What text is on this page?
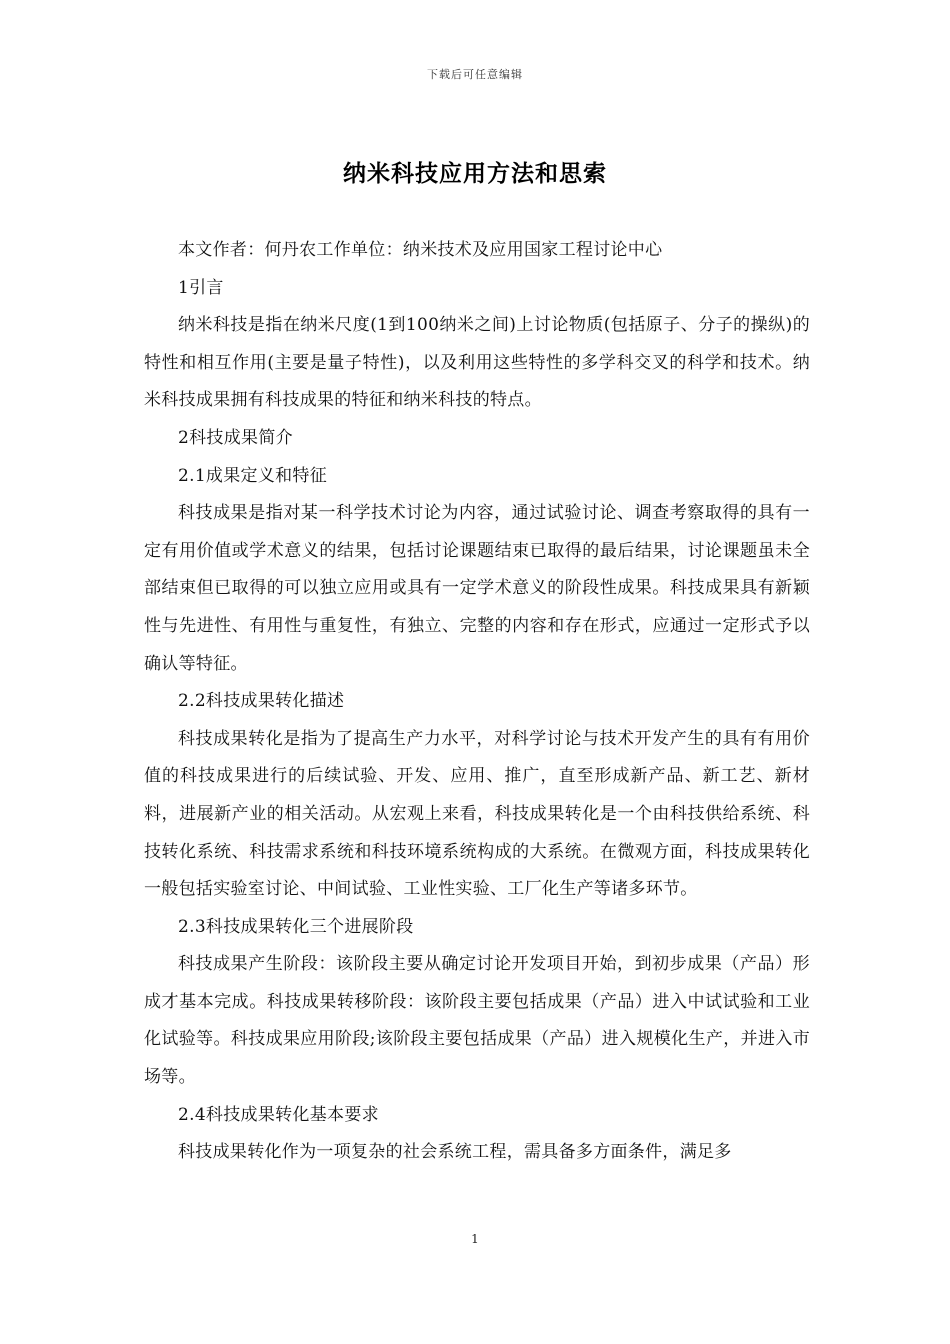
下载后可任意编辑
纳米科技应用方法和思索

本文作者：何丹农工作单位：纳米技术及应用国家工程讨论中心

1引言

纳米科技是指在纳米尺度(1到100纳米之间)上讨论物质(包括原子、分子的操纵)的特性和相互作用(主要是量子特性)，以及利用这些特性的多学科交叉的科学和技术。纳米科技成果拥有科技成果的特征和纳米科技的特点。

2科技成果简介

2.1成果定义和特征

科技成果是指对某一科学技术讨论为内容，通过试验讨论、调查考察取得的具有一定有用价值或学术意义的结果，包括讨论课题结束已取得的最后结果，讨论课题虽未全部结束但已取得的可以独立应用或具有一定学术意义的阶段性成果。科技成果具有新颖性与先进性、有用性与重复性，有独立、完整的内容和存在形式，应通过一定形式予以确认等特征。

2.2科技成果转化描述

科技成果转化是指为了提高生产力水平，对科学讨论与技术开发产生的具有有用价值的科技成果进行的后续试验、开发、应用、推广，直至形成新产品、新工艺、新材料，进展新产业的相关活动。从宏观上来看，科技成果转化是一个由科技供给系统、科技转化系统、科技需求系统和科技环境系统构成的大系统。在微观方面，科技成果转化一般包括实验室讨论、中间试验、工业性实验、工厂化生产等诸多环节。

2.3科技成果转化三个进展阶段

科技成果产生阶段：该阶段主要从确定讨论开发项目开始，到初步成果（产品）形成才基本完成。科技成果转移阶段：该阶段主要包括成果（产品）进入中试试验和工业化试验等。科技成果应用阶段;该阶段主要包括成果（产品）进入规模化生产，并进入市场等。

2.4科技成果转化基本要求

科技成果转化作为一项复杂的社会系统工程，需具备多方面条件，满足多

1
